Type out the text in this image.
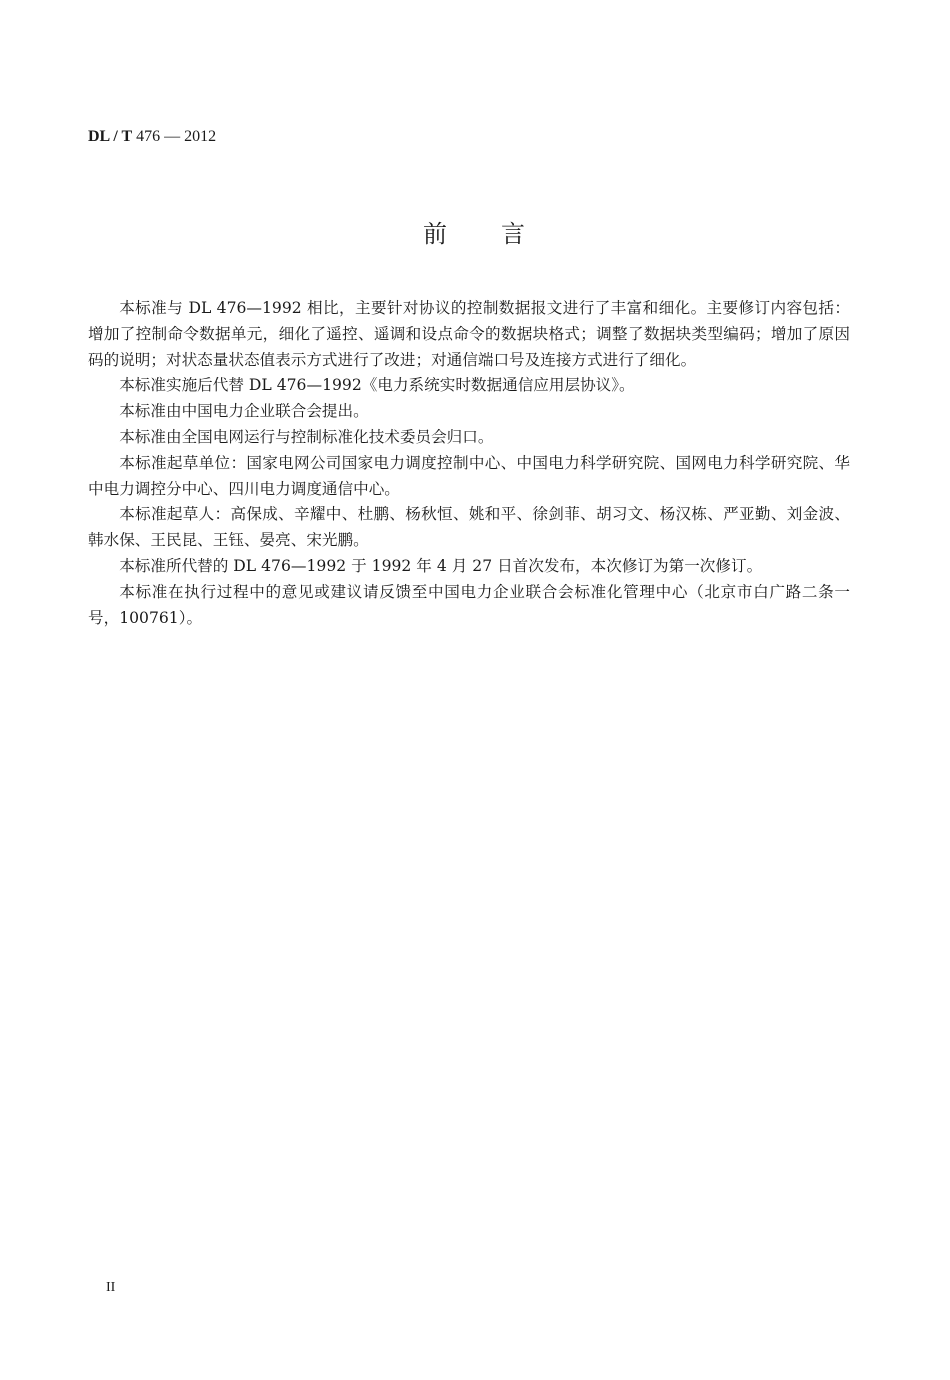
DL / T 476 — 2012
前　　言

本标准与 DL 476—1992 相比，主要针对协议的控制数据报文进行了丰富和细化。主要修订内容包括：增加了控制命令数据单元，细化了遥控、遥调和设点命令的数据块格式；调整了数据块类型编码；增加了原因码的说明；对状态量状态值表示方式进行了改进；对通信端口号及连接方式进行了细化。

本标准实施后代替 DL 476—1992《电力系统实时数据通信应用层协议》。

本标准由中国电力企业联合会提出。

本标准由全国电网运行与控制标准化技术委员会归口。

本标准起草单位：国家电网公司国家电力调度控制中心、中国电力科学研究院、国网电力科学研究院、华中电力调控分中心、四川电力调度通信中心。

本标准起草人：高保成、辛耀中、杜鹏、杨秋恒、姚和平、徐剑菲、胡习文、杨汉栋、严亚勤、刘金波、韩水保、王民昆、王钰、晏亮、宋光鹏。

本标准所代替的 DL 476—1992 于 1992 年 4 月 27 日首次发布，本次修订为第一次修订。

本标准在执行过程中的意见或建议请反馈至中国电力企业联合会标准化管理中心（北京市白广路二条一号，100761）。

II
